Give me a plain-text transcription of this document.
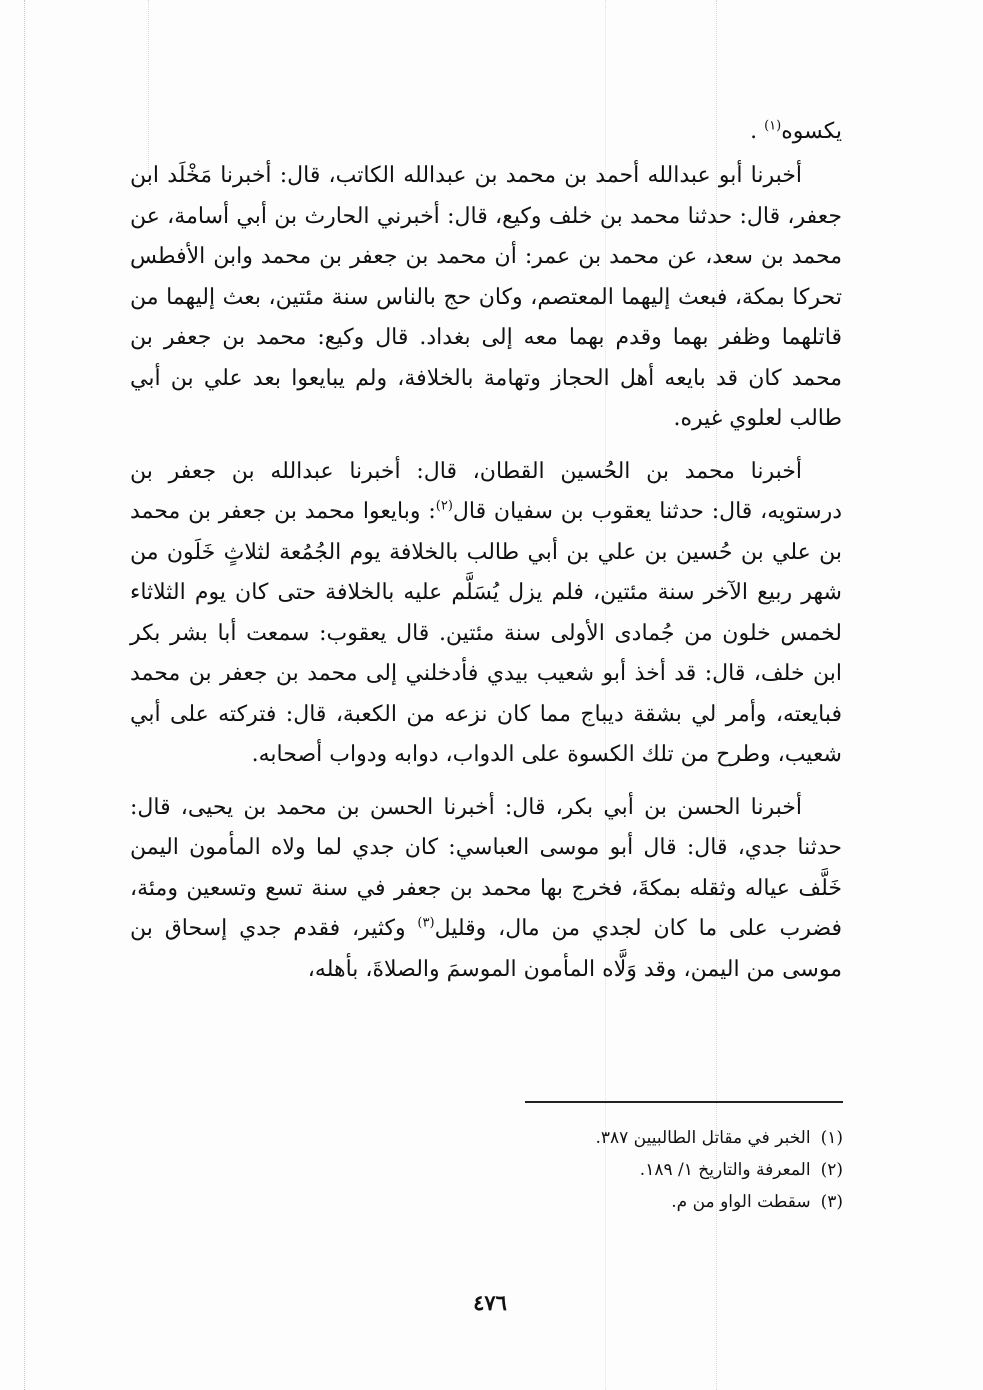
يكسوه$^{(١)}$ .

أخبرنا أبو عبدالله أحمد بن محمد بن عبدالله الكاتب، قال: أخبرنا مَخْلَد ابن جعفر، قال: حدثنا محمد بن خلف وكيع، قال: أخبرني الحارث بن أبي أسامة، عن محمد بن سعد، عن محمد بن عمر: أن محمد بن جعفر بن محمد وابن الأفطس تحركا بمكة، فبعث إليهما المعتصم، وكان حج بالناس سنة مئتين، بعث إليهما من قاتلهما وظفر بهما وقدم بهما معه إلى بغداد. قال وكيع: محمد بن جعفر بن محمد كان قد بايعه أهل الحجاز وتهامة بالخلافة، ولم يبايعوا بعد علي بن أبي طالب لعلوي غيره.

أخبرنا محمد بن الحُسين القطان، قال: أخبرنا عبدالله بن جعفر بن درستويه، قال: حدثنا يعقوب بن سفيان قال$^{(٢)}$: وبايعوا محمد بن جعفر بن محمد بن علي بن حُسين بن علي بن أبي طالب بالخلافة يوم الجُمُعة لثلاثٍ خَلَون من شهر ربيع الآخر سنة مئتين، فلم يزل يُسَلَّم عليه بالخلافة حتى كان يوم الثلاثاء لخمس خلون من جُمادى الأولى سنة مئتين. قال يعقوب: سمعت أبا بشر بكر ابن خلف، قال: قد أخذ أبو شعيب بيدي فأدخلني إلى محمد بن جعفر بن محمد فبايعته، وأمر لي بشقة ديباج مما كان نزعه من الكعبة، قال: فتركته على أبي شعيب، وطرح من تلك الكسوة على الدواب، دوابه ودواب أصحابه.

أخبرنا الحسن بن أبي بكر، قال: أخبرنا الحسن بن محمد بن يحيى، قال: حدثنا جدي، قال: قال أبو موسى العباسي: كان جدي لما ولاه المأمون اليمن خَلَّف عياله وثقله بمكةَ، فخرج بها محمد بن جعفر في سنة تسع وتسعين ومئة، فضرب على ما كان لجدي من مال، وقليل$^{(٣)}$ وكثير، فقدم جدي إسحاق بن موسى من اليمن، وقد وَلَّاه المأمون الموسمَ والصلاةَ، بأهله،

(١)الخبر في مقاتل الطالبيين ٣٨٧.
(٢)المعرفة والتاريخ ١/ ١٨٩.
(٣)سقطت الواو من م.
٤٧٦
